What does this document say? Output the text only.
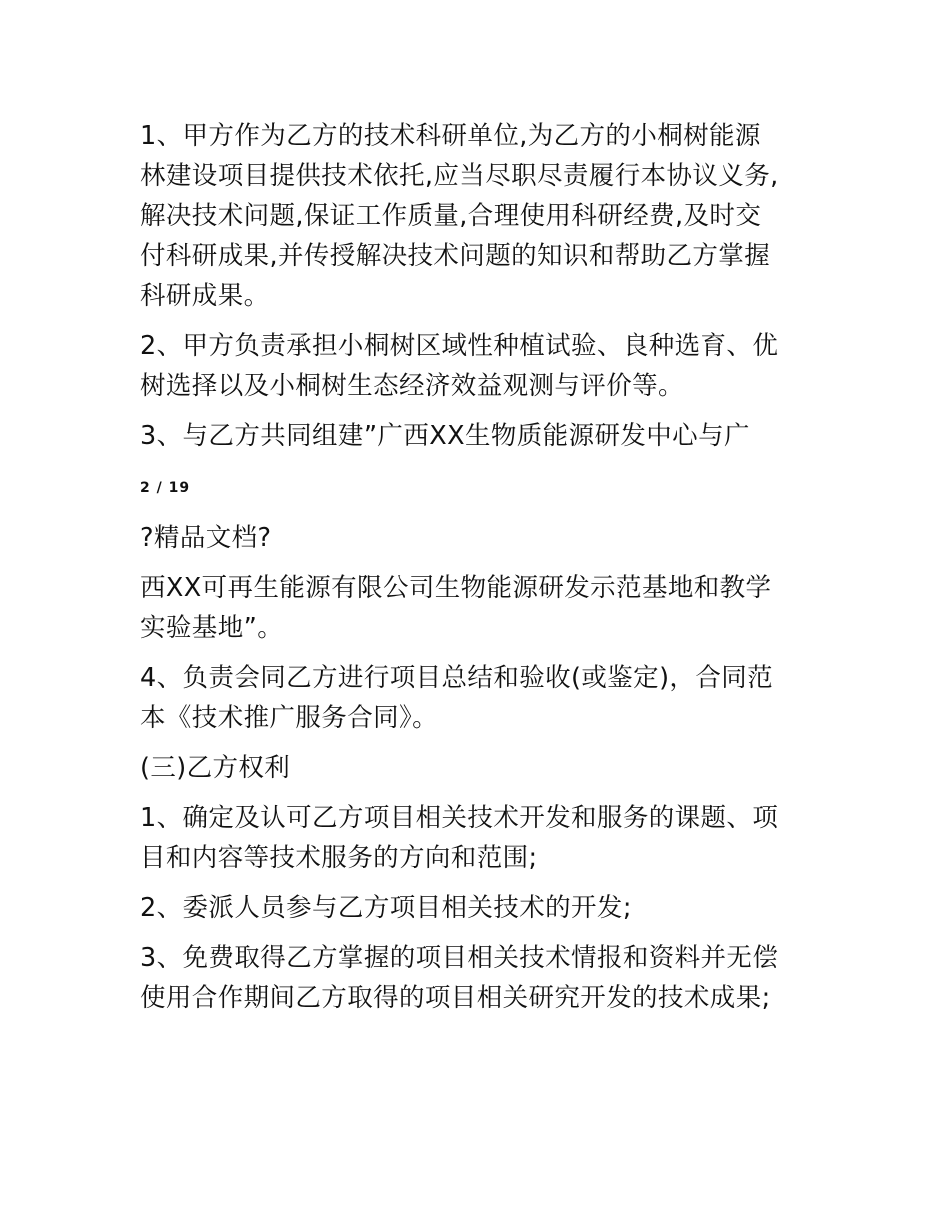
1、甲方作为乙方的技术科研单位,为乙方的小桐树能源
林建设项目提供技术依托,应当尽职尽责履行本协议义务,
解决技术问题,保证工作质量,合理使用科研经费,及时交
付科研成果,并传授解决技术问题的知识和帮助乙方掌握
科研成果。
2、甲方负责承担小桐树区域性种植试验、良种选育、优
树选择以及小桐树生态经济效益观测与评价等。
3、与乙方共同组建”广西XX生物质能源研发中心与广
2 / 19
?精品文档?
西XX可再生能源有限公司生物能源研发示范基地和教学
实验基地”。
4、负责会同乙方进行项目总结和验收(或鉴定)，合同范
本《技术推广服务合同》。
(三)乙方权利
1、确定及认可乙方项目相关技术开发和服务的课题、项
目和内容等技术服务的方向和范围;
2、委派人员参与乙方项目相关技术的开发;
3、免费取得乙方掌握的项目相关技术情报和资料并无偿
使用合作期间乙方取得的项目相关研究开发的技术成果;
